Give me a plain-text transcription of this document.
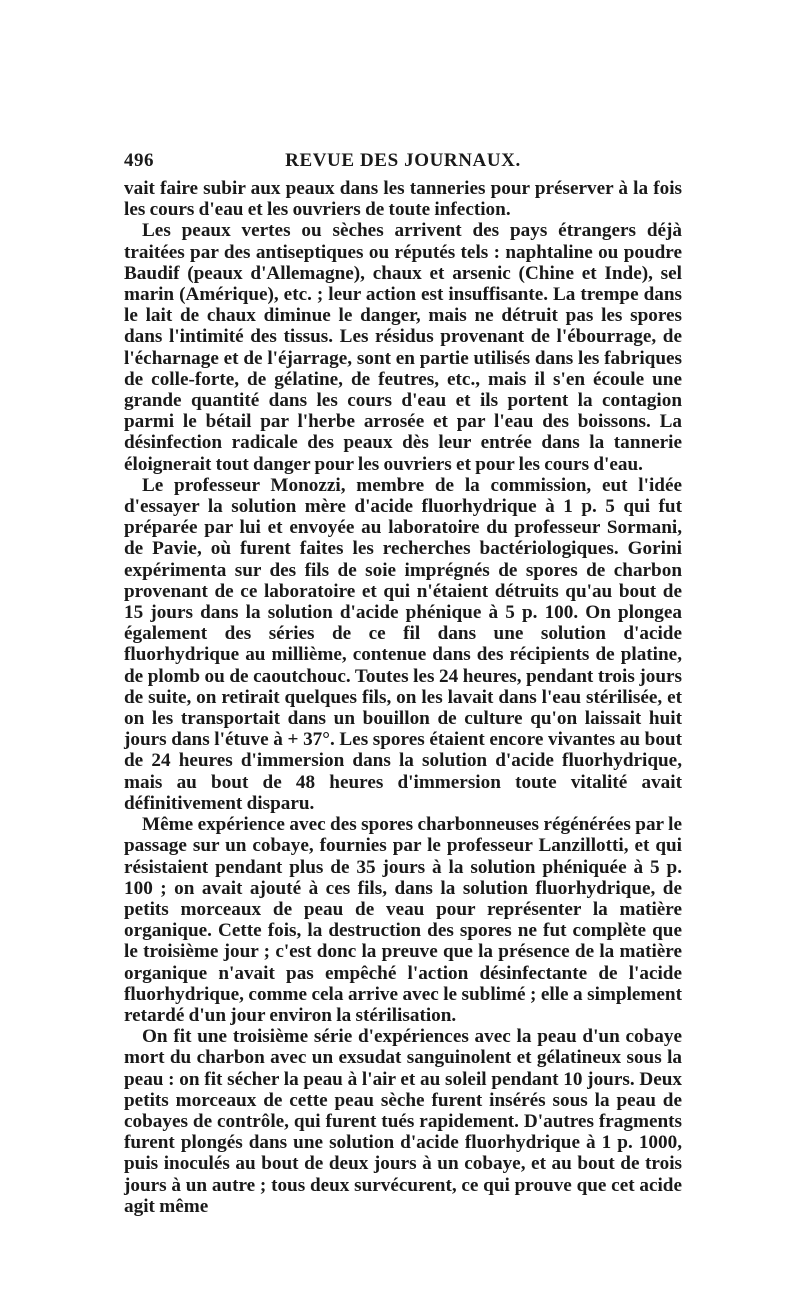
496	REVUE DES JOURNAUX.

vait faire subir aux peaux dans les tanneries pour préserver à la fois les cours d'eau et les ouvriers de toute infection.

Les peaux vertes ou sèches arrivent des pays étrangers déjà traitées par des antiseptiques ou réputés tels : naphtaline ou poudre Baudif (peaux d'Allemagne), chaux et arsenic (Chine et Inde), sel marin (Amérique), etc. ; leur action est insuffisante. La trempe dans le lait de chaux diminue le danger, mais ne détruit pas les spores dans l'intimité des tissus. Les résidus provenant de l'ébourrage, de l'écharnage et de l'éjarrage, sont en partie utilisés dans les fabriques de colle-forte, de gélatine, de feutres, etc., mais il s'en écoule une grande quantité dans les cours d'eau et ils portent la contagion parmi le bétail par l'herbe arrosée et par l'eau des boissons. La désinfection radicale des peaux dès leur entrée dans la tannerie éloignerait tout danger pour les ouvriers et pour les cours d'eau.

Le professeur Monozzi, membre de la commission, eut l'idée d'essayer la solution mère d'acide fluorhydrique à 1 p. 5 qui fut préparée par lui et envoyée au laboratoire du professeur Sormani, de Pavie, où furent faites les recherches bactériologiques. Gorini expérimenta sur des fils de soie imprégnés de spores de charbon provenant de ce laboratoire et qui n'étaient détruits qu'au bout de 15 jours dans la solution d'acide phénique à 5 p. 100. On plongea également des séries de ce fil dans une solution d'acide fluorhydrique au millième, contenue dans des récipients de platine, de plomb ou de caoutchouc. Toutes les 24 heures, pendant trois jours de suite, on retirait quelques fils, on les lavait dans l'eau stérilisée, et on les transportait dans un bouillon de culture qu'on laissait huit jours dans l'étuve à + 37°. Les spores étaient encore vivantes au bout de 24 heures d'immersion dans la solution d'acide fluorhydrique, mais au bout de 48 heures d'immersion toute vitalité avait définitivement disparu.

Même expérience avec des spores charbonneuses régénérées par le passage sur un cobaye, fournies par le professeur Lanzillotti, et qui résistaient pendant plus de 35 jours à la solution phéniquée à 5 p. 100 ; on avait ajouté à ces fils, dans la solution fluorhydrique, de petits morceaux de peau de veau pour représenter la matière organique. Cette fois, la destruction des spores ne fut complète que le troisième jour ; c'est donc la preuve que la présence de la matière organique n'avait pas empêché l'action désinfectante de l'acide fluorhydrique, comme cela arrive avec le sublimé ; elle a simplement retardé d'un jour environ la stérilisation.

On fit une troisième série d'expériences avec la peau d'un cobaye mort du charbon avec un exsudat sanguinolent et gélatineux sous la peau : on fit sécher la peau à l'air et au soleil pendant 10 jours. Deux petits morceaux de cette peau sèche furent insérés sous la peau de cobayes de contrôle, qui furent tués rapidement. D'autres fragments furent plongés dans une solution d'acide fluorhydrique à 1 p. 1000, puis inoculés au bout de deux jours à un cobaye, et au bout de trois jours à un autre ; tous deux survécurent, ce qui prouve que cet acide agit même
